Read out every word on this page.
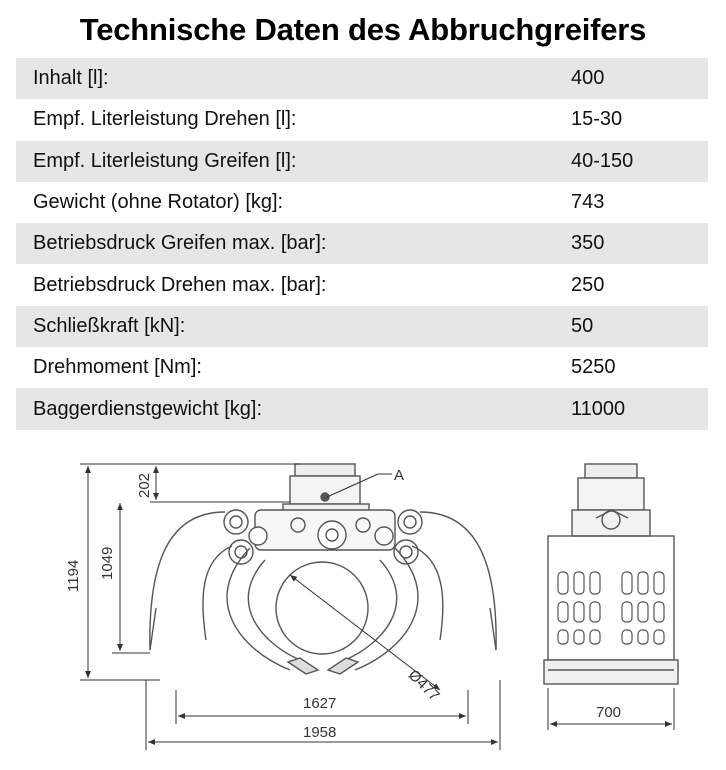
Technische Daten des Abbruchgreifers
Inhalt [l]:	400
Empf. Literleistung Drehen [l]:	15-30
Empf. Literleistung Greifen [l]:	40-150
Gewicht (ohne Rotator) [kg]:	743
Betriebsdruck Greifen max. [bar]:	350
Betriebsdruck Drehen max. [bar]:	250
Schließkraft [kN]:	50
Drehmoment [Nm]:	5250
Baggerdienstgewicht [kg]:	11000
Ø477
A
1194 1049
202
1627
1958
700
